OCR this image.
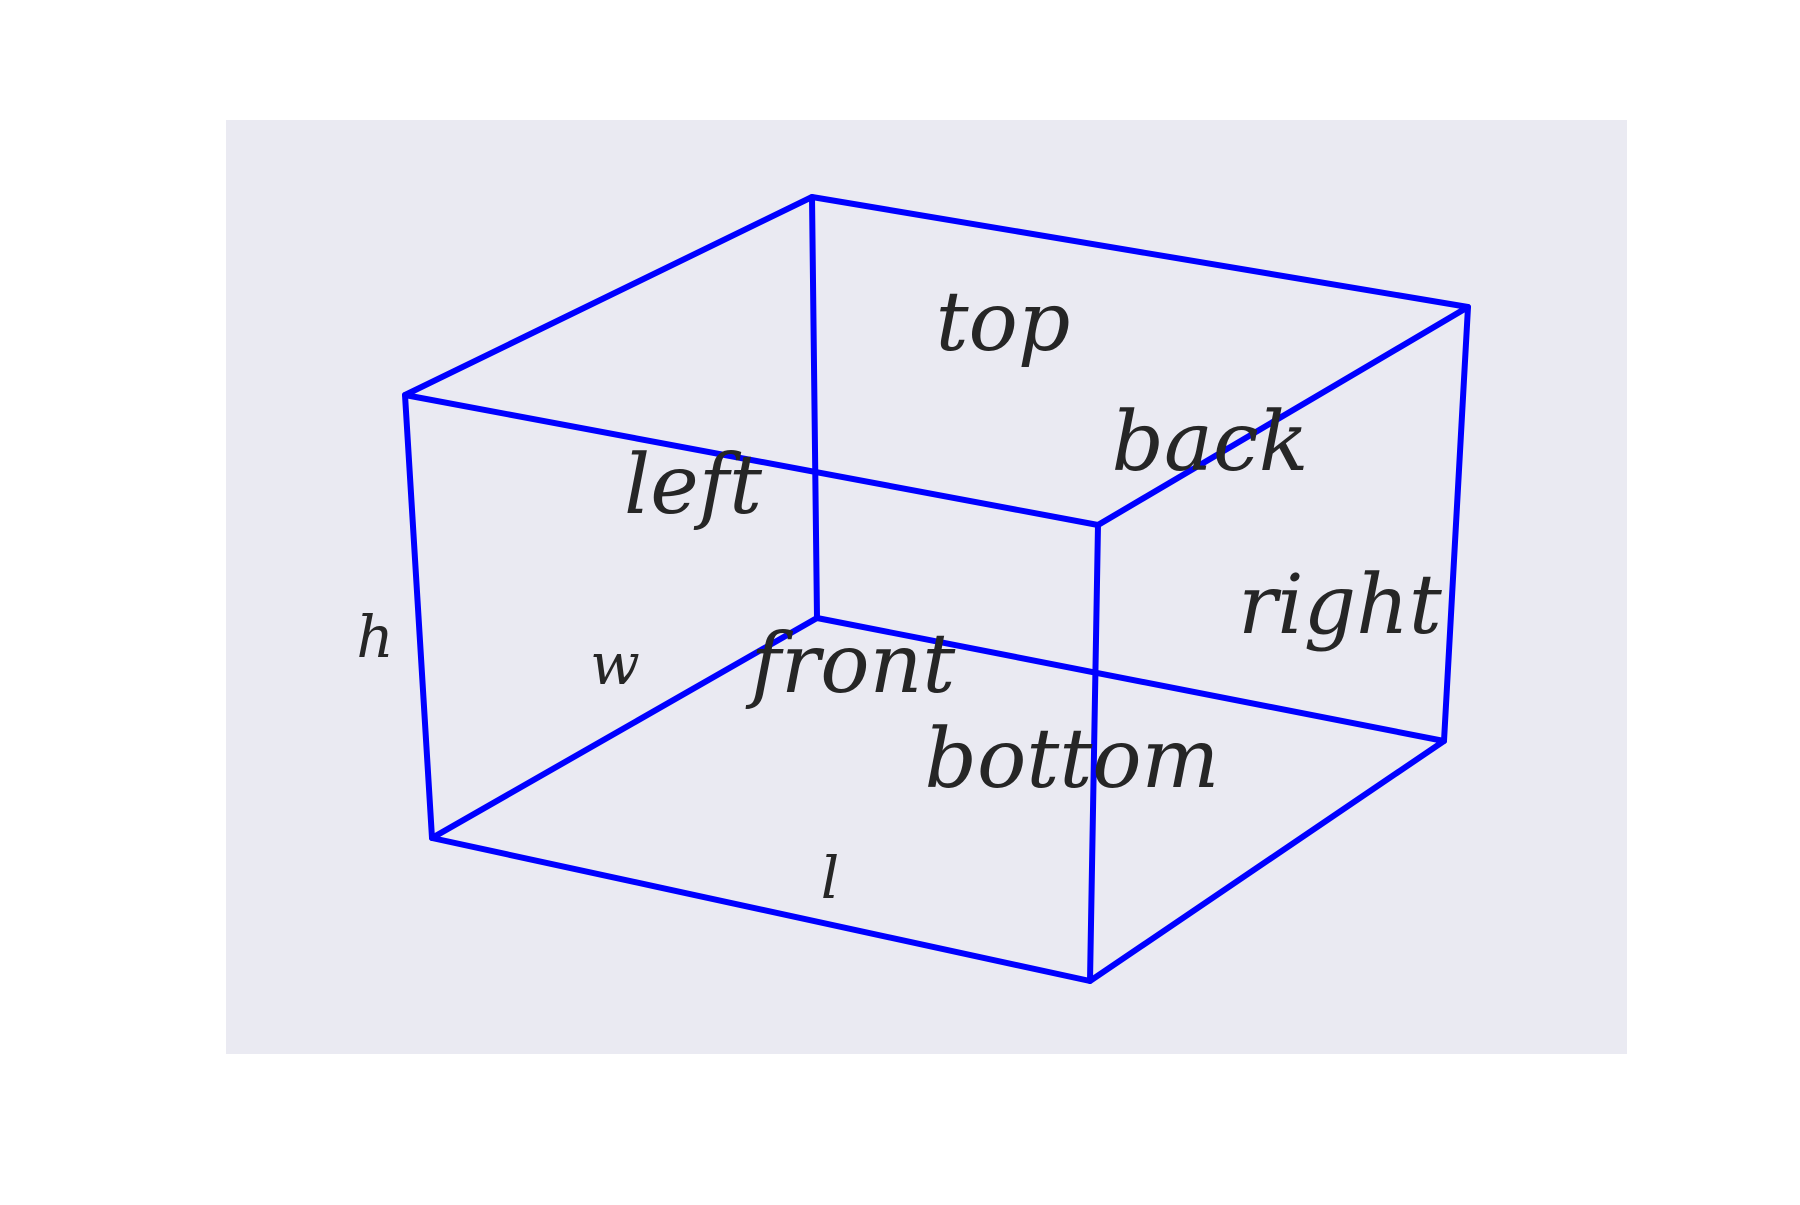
top
back
left
right
front
bottom
h	w
l
